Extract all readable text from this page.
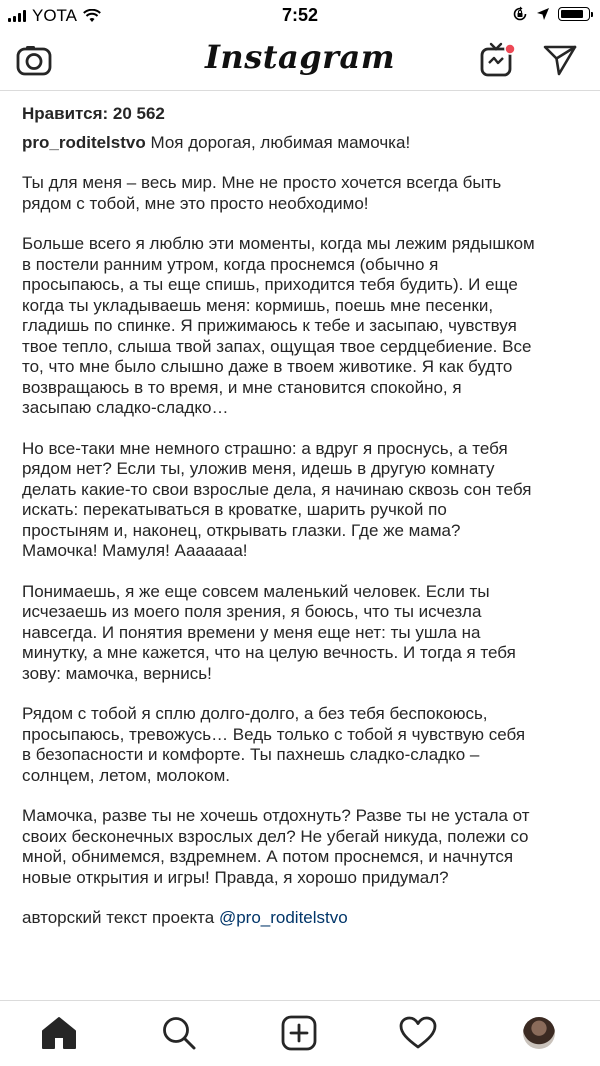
YOTA	7:52
Instagram
Нравится: 20 562
pro_roditelstvo Моя дорогая, любимая мамочка!
Ты для меня – весь мир. Мне не просто хочется всегда быть
рядом с тобой, мне это просто необходимо!
Больше всего я люблю эти моменты, когда мы лежим рядышком
в постели ранним утром, когда проснемся (обычно я
просыпаюсь, а ты еще спишь, приходится тебя будить). И еще
когда ты укладываешь меня: кормишь, поешь мне песенки,
гладишь по спинке. Я прижимаюсь к тебе и засыпаю, чувствуя
твое тепло, слыша твой запах, ощущая твое сердцебиение. Все
то, что мне было слышно даже в твоем животике. Я как будто
возвращаюсь в то время, и мне становится спокойно, я
засыпаю сладко-сладко…
Но все-таки мне немного страшно: а вдруг я проснусь, а тебя
рядом нет? Если ты, уложив меня, идешь в другую комнату
делать какие-то свои взрослые дела, я начинаю сквозь сон тебя
искать: перекатываться в кроватке, шарить ручкой по
простыням и, наконец, открывать глазки. Где же мама?
Мамочка! Мамуля! Ааааааа!
Понимаешь, я же еще совсем маленький человек. Если ты
исчезаешь из моего поля зрения, я боюсь, что ты исчезла
навсегда. И понятия времени у меня еще нет: ты ушла на
минутку, а мне кажется, что на целую вечность. И тогда я тебя
зову: мамочка, вернись!
Рядом с тобой я сплю долго-долго, а без тебя беспокоюсь,
просыпаюсь, тревожусь… Ведь только с тобой я чувствую себя
в безопасности и комфорте. Ты пахнешь сладко-сладко –
солнцем, летом, молоком.
Мамочка, разве ты не хочешь отдохнуть? Разве ты не устала от
своих бесконечных взрослых дел? Не убегай никуда, полежи со
мной, обнимемся, вздремнем. А потом проснемся, и начнутся
новые открытия и игры! Правда, я хорошо придумал?
авторский текст проекта @pro_roditelstvo
